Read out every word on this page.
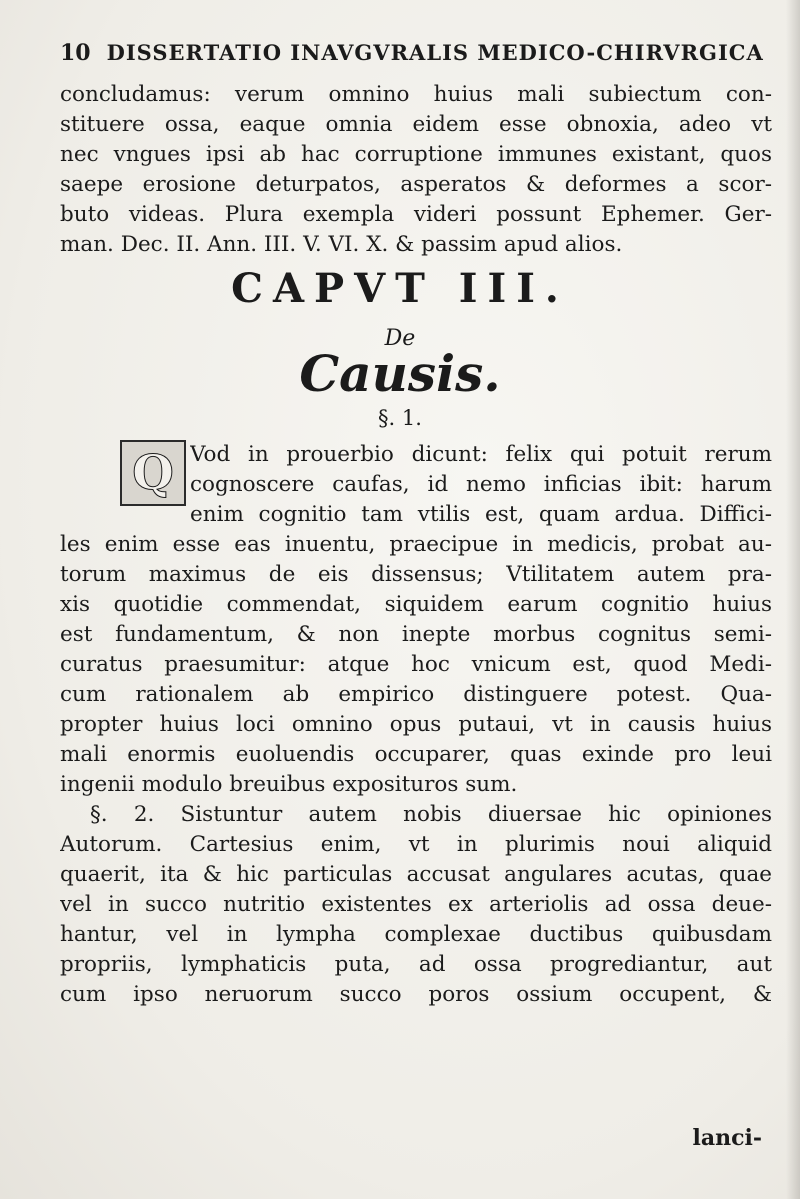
10 DISSERTATIO INAVGVRALIS MEDICO-CHIRVRGICA
concludamus: verum omnino huius mali subiectum con-
stituere ossa, eaque omnia eidem esse obnoxia, adeo vt
nec vngues ipsi ab hac corruptione immunes existant, quos
saepe erosione deturpatos, asperatos & deformes a scor-
buto videas. Plura exempla videri possunt Ephemer. Ger-
man. Dec. II. Ann. III. V. VI. X. & passim apud alios.
CAPVT III.
De
Causis.
§. 1.
Q Vod in prouerbio dicunt: felix qui potuit rerum
cognoscere caufas, id nemo inficias ibit: harum
enim cognitio tam vtilis est, quam ardua. Diffici-
les enim esse eas inuentu, praecipue in medicis, probat au-
torum maximus de eis dissensus; Vtilitatem autem pra-
xis quotidie commendat, siquidem earum cognitio huius
est fundamentum, & non inepte morbus cognitus semi-
curatus praesumitur: atque hoc vnicum est, quod Medi-
cum rationalem ab empirico distinguere potest. Qua-
propter huius loci omnino opus putaui, vt in causis huius
mali enormis euoluendis occuparer, quas exinde pro leui
ingenii modulo breuibus exposituros sum.
§. 2. Sistuntur autem nobis diuersae hic opiniones
Autorum. Cartesius enim, vt in plurimis noui aliquid
quaerit, ita & hic particulas accusat angulares acutas, quae
vel in succo nutritio existentes ex arteriolis ad ossa deue-
hantur, vel in lympha complexae ductibus quibusdam
propriis, lymphaticis puta, ad ossa progrediantur, aut
cum ipso neruorum succo poros ossium occupent, &
lanci-
